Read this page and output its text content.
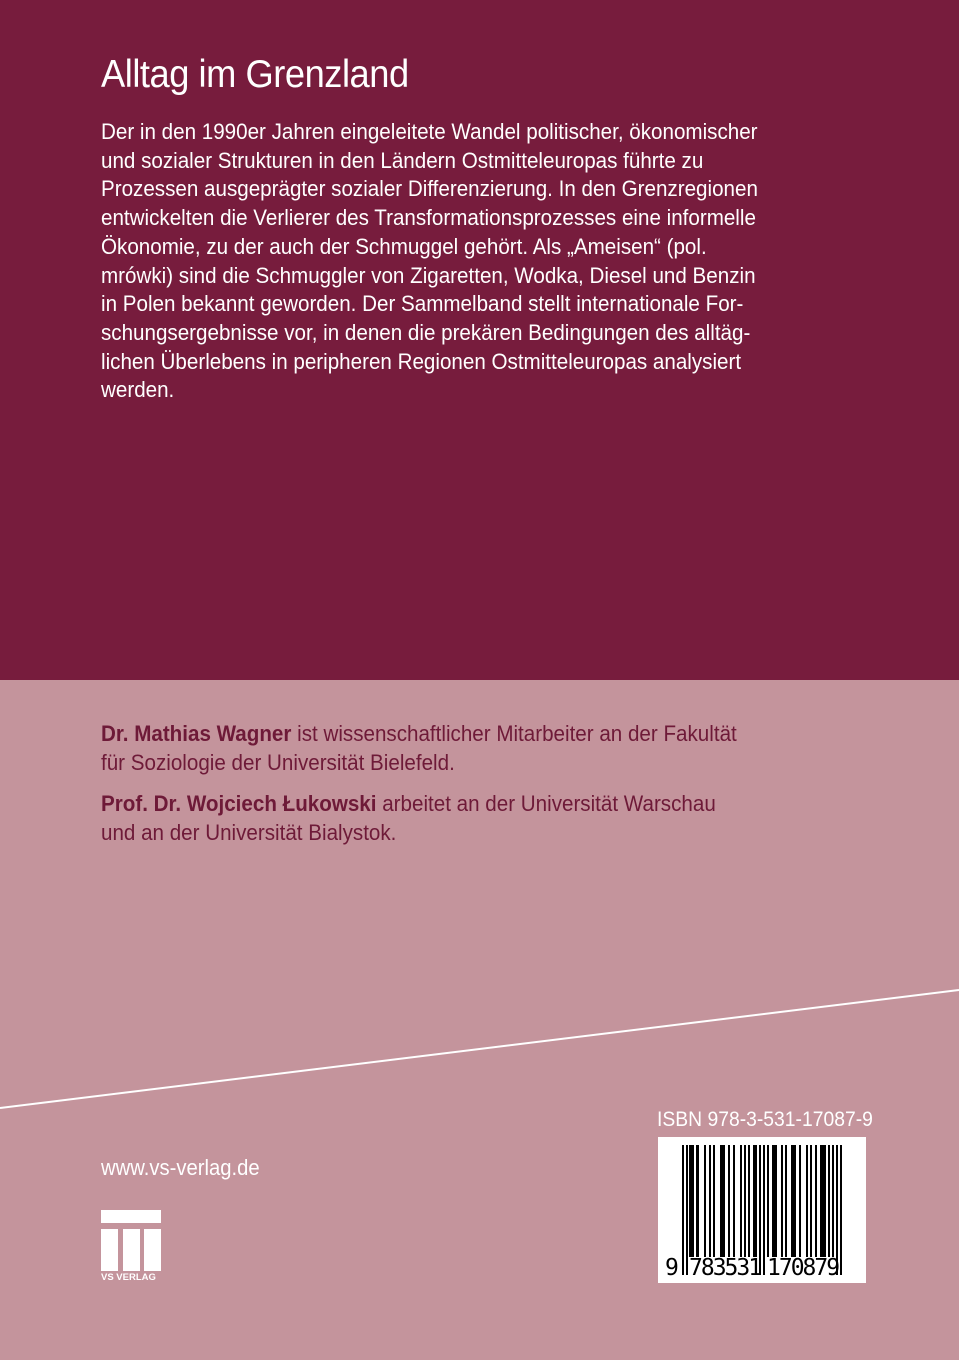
Alltag im Grenzland
Der in den 1990er Jahren eingeleitete Wandel politischer, ökonomischer
und sozialer Strukturen in den Ländern Ostmitteleuropas führte zu
Prozessen ausgeprägter sozialer Differenzierung. In den Grenzregionen
entwickelten die Verlierer des Transformationsprozesses eine informelle
Ökonomie, zu der auch der Schmuggel gehört. Als „Ameisen“ (pol.
mrówki) sind die Schmuggler von Zigaretten, Wodka, Diesel und Benzin
in Polen bekannt geworden. Der Sammelband stellt internationale For-
schungsergebnisse vor, in denen die prekären Bedingungen des alltäg-
lichen Überlebens in peripheren Regionen Ostmitteleuropas analysiert
werden.

Dr. Mathias Wagner ist wissenschaftlicher Mitarbeiter an der Fakultät
für Soziologie der Universität Bielefeld.

Prof. Dr. Wojciech Łukowski arbeitet an der Universität Warschau
und an der Universität Bialystok.

www.vs-verlag.de
VS VERLAG
ISBN 978-3-531-17087-9
9 783531 170879
